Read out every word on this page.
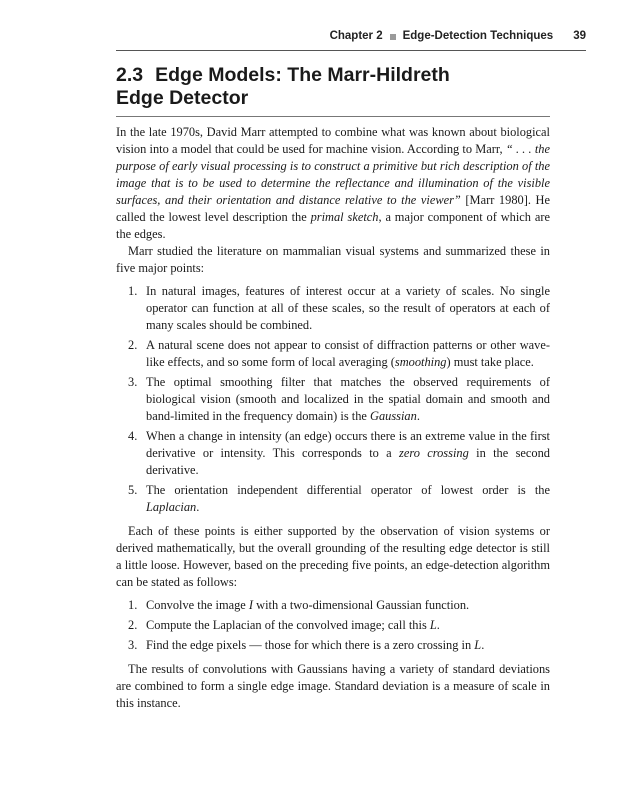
Chapter 2 Edge-Detection Techniques 39
2.3 Edge Models: The Marr-Hildreth
Edge Detector

In the late 1970s, David Marr attempted to combine what was known about biological vision into a model that could be used for machine vision. According to Marr, “ . . . the purpose of early visual processing is to construct a primitive but rich description of the image that is to be used to determine the reflectance and illumination of the visible surfaces, and their orientation and distance relative to the viewer” [Marr 1980]. He called the lowest level description the primal sketch, a major component of which are the edges.

Marr studied the literature on mammalian visual systems and summarized these in five major points:

1. In natural images, features of interest occur at a variety of scales. No single operator can function at all of these scales, so the result of operators at each of many scales should be combined.
2. A natural scene does not appear to consist of diffraction patterns or other wave-like effects, and so some form of local averaging (smoothing) must take place.
3. The optimal smoothing filter that matches the observed requirements of biological vision (smooth and localized in the spatial domain and smooth and band-limited in the frequency domain) is the Gaussian.
4. When a change in intensity (an edge) occurs there is an extreme value in the first derivative or intensity. This corresponds to a zero crossing in the second derivative.
5. The orientation independent differential operator of lowest order is the Laplacian.

Each of these points is either supported by the observation of vision systems or derived mathematically, but the overall grounding of the resulting edge detector is still a little loose. However, based on the preceding five points, an edge-detection algorithm can be stated as follows:

1. Convolve the image I with a two-dimensional Gaussian function.
2. Compute the Laplacian of the convolved image; call this L.
3. Find the edge pixels — those for which there is a zero crossing in L.

The results of convolutions with Gaussians having a variety of standard deviations are combined to form a single edge image. Standard deviation is a measure of scale in this instance.
